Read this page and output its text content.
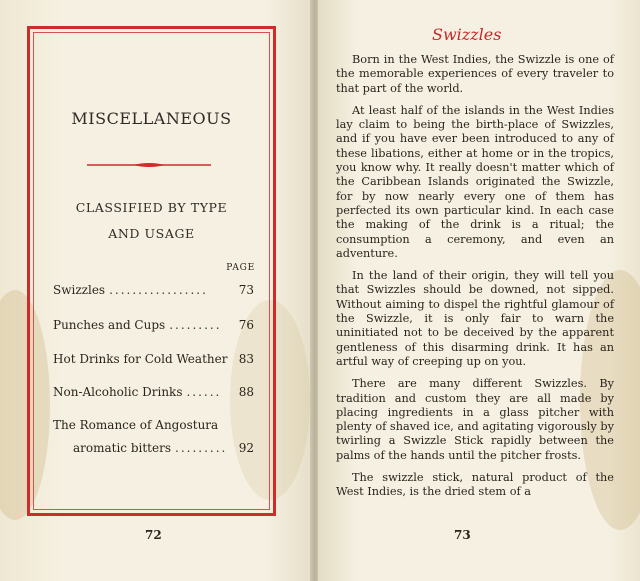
MISCELLANEOUS
CLASSIFIED BY TYPE
AND USAGE
PAGE
Swizzles .................	73
Punches and Cups .........	76
Hot Drinks for Cold Weather 83
Non-Alcoholic Drinks ......	88
The Romance of Angostura
aromatic bitters ......... 92
72
Swizzles

Born in the West Indies, the Swizzle is one of the memorable experiences of every traveler to that part of the world.

At least half of the islands in the West Indies lay claim to being the birth-place of Swizzles, and if you have ever been introduced to any of these libations, either at home or in the tropics, you know why. It really doesn't matter which of the Caribbean Islands originated the Swizzle, for by now nearly every one of them has perfected its own particular kind. In each case the making of the drink is a ritual; the consumption a ceremony, and even an adventure.

In the land of their origin, they will tell you that Swizzles should be downed, not sipped. Without aiming to dispel the rightful glamour of the Swizzle, it is only fair to warn the uninitiated not to be deceived by the apparent gentleness of this disarming drink. It has an artful way of creeping up on you.

There are many different Swizzles. By tradition and custom they are all made by placing ingredients in a glass pitcher with plenty of shaved ice, and agitating vigorously by twirling a Swizzle Stick rapidly between the palms of the hands until the pitcher frosts.

The swizzle stick, natural product of the West Indies, is the dried stem of a

73
